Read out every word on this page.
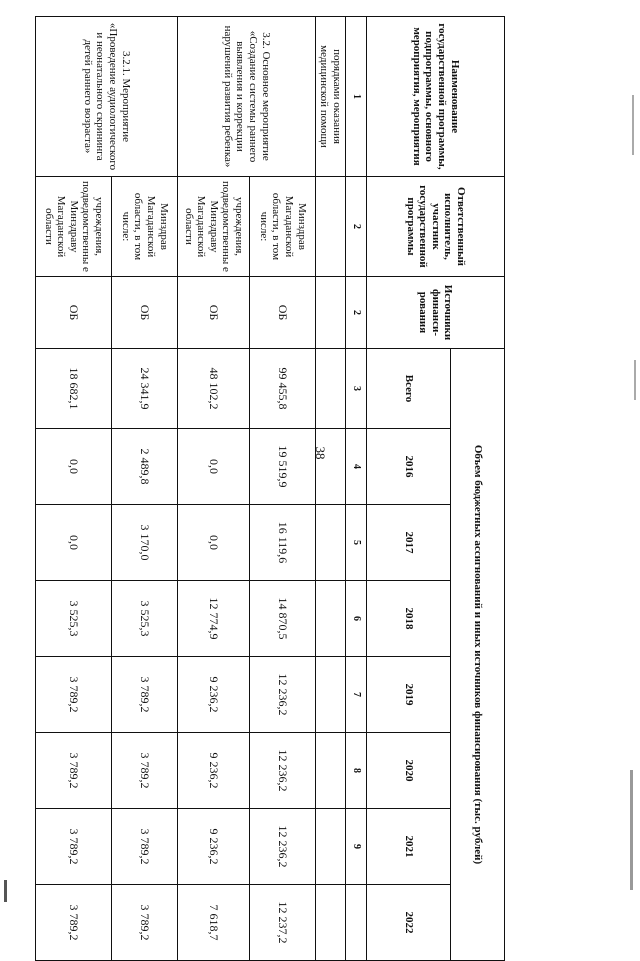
38
Наименование государственной программы, подпрограммы, основного мероприятия, мероприятия	Ответственный исполнитель, участник государственной программы	Источники финанси-рования	Объем бюджетных ассигнований и иных источников финансирования (тыс. рублей)							
			Всего	2016	2017	2018	2019	2020	2021	2022
1	2	2	3	4	5	6	7	8	9	
порядками оказания медицинской помощи										
3.2. Основное мероприятие «Создание системы раннего выявления и коррекции нарушений развития ребенка»	Минздрав Магаданской области, в том числе:	ОБ	99 455,8	19 519,9	16 119,6	14 870,5	12 236,2	12 236,2	12 236,2	12 237,2
	учреждения, подведомственны е Минздраву Магаданской области	ОБ	48 102,2	0,0	0,0	12 774,9	9 236,2	9 236,2	9 236,2	7 618,7
3.2.1. Мероприятие «Проведение аудиологического и неонатального скрининга детей раннего возраста»	Минздрав Магаданской области, в том числе:	ОБ	24 341,9	2 489,8	3 170,0	3 525,3	3 789,2	3 789,2	3 789,2	3 789,2
	учреждения, подведомственны е Минздраву Магаданской области	ОБ	18 682,1	0,0	0,0	3 525,3	3 789,2	3 789,2	3 789,2	3 789,2
